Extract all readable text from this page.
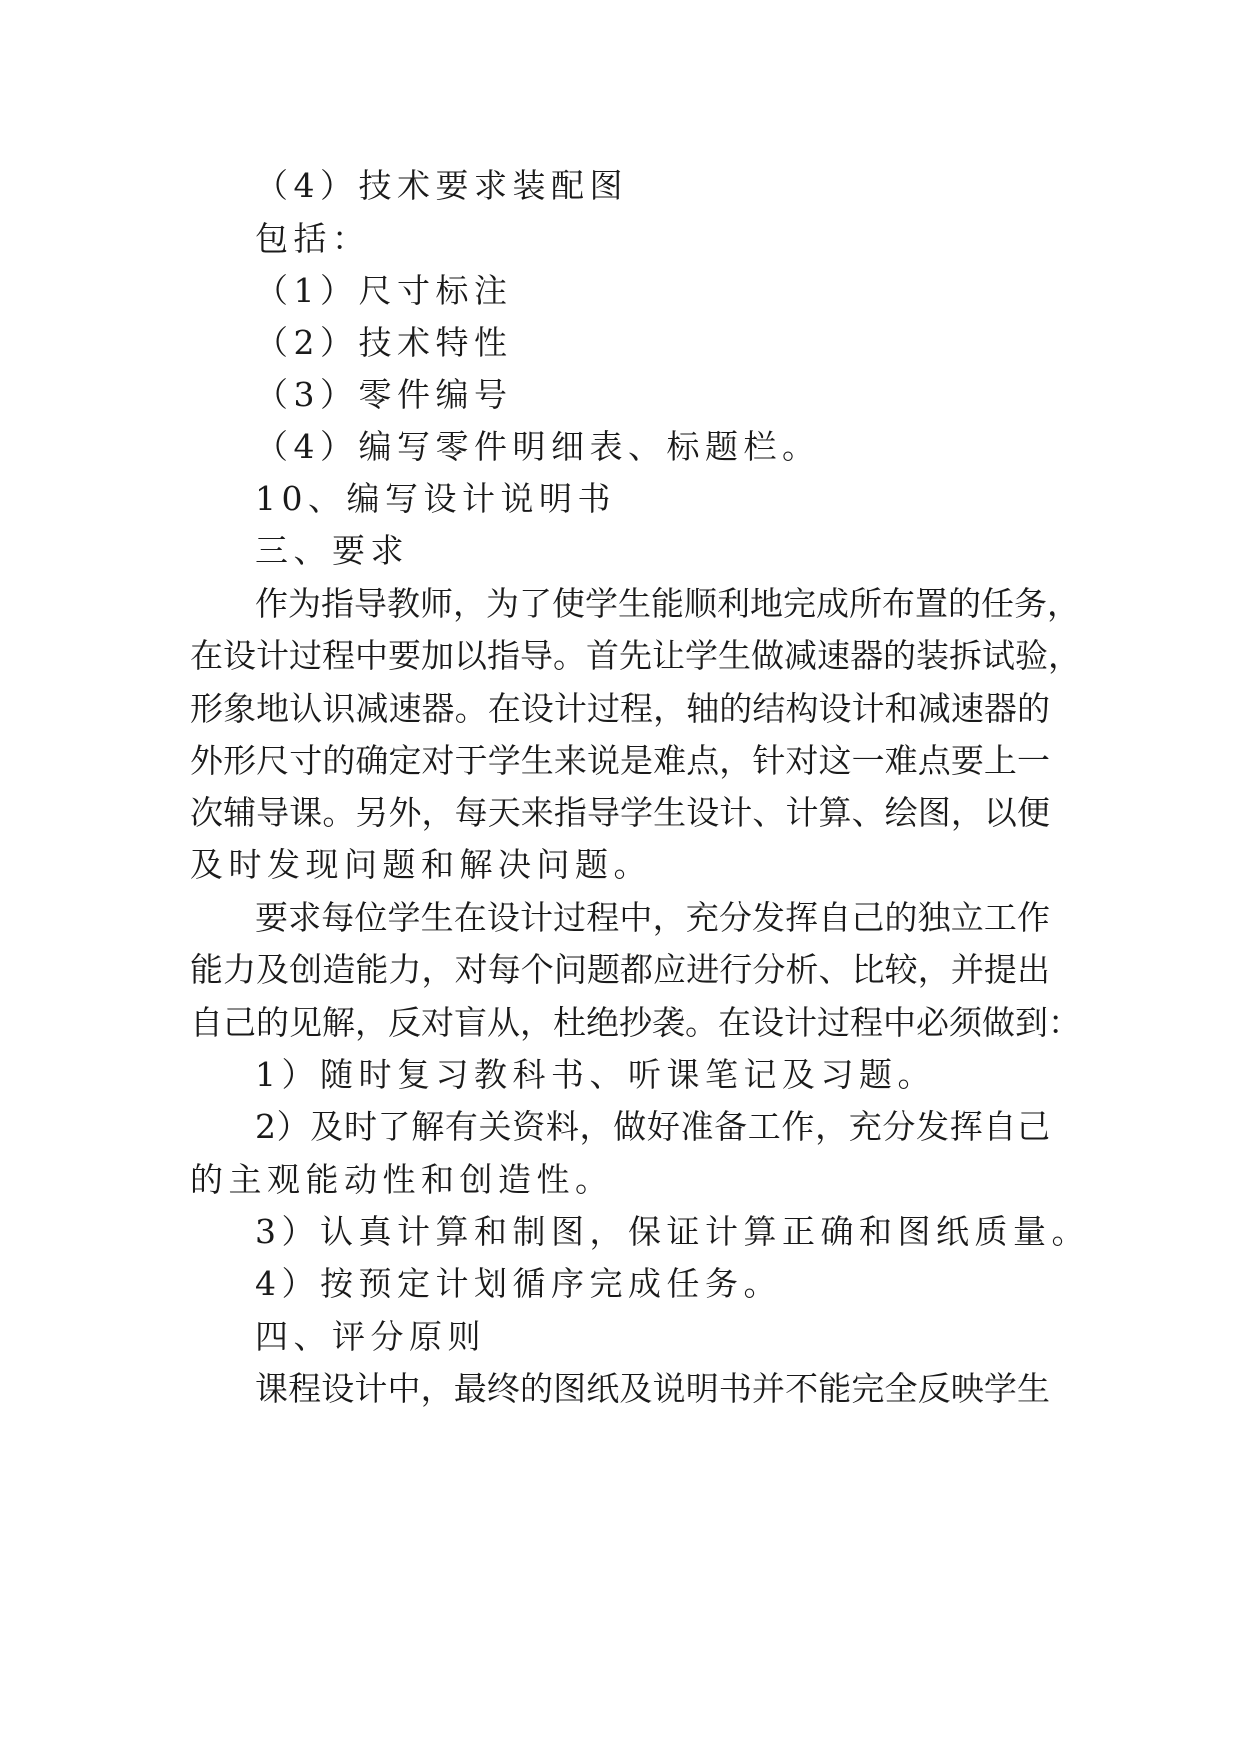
（4）技术要求装配图
包括：
（1）尺寸标注
（2）技术特性
（3）零件编号
（4）编写零件明细表、标题栏。
10、编写设计说明书
三、要求
作为指导教师，为了使学生能顺利地完成所布置的任务，
在设计过程中要加以指导。首先让学生做减速器的装拆试验，
形象地认识减速器。在设计过程，轴的结构设计和减速器的
外形尺寸的确定对于学生来说是难点，针对这一难点要上一
次辅导课。另外，每天来指导学生设计、计算、绘图，以便
及时发现问题和解决问题。
要求每位学生在设计过程中，充分发挥自己的独立工作
能力及创造能力，对每个问题都应进行分析、比较，并提出
自己的见解，反对盲从，杜绝抄袭。在设计过程中必须做到：
1）随时复习教科书、听课笔记及习题。
2）及时了解有关资料，做好准备工作，充分发挥自己
的主观能动性和创造性。
3）认真计算和制图，保证计算正确和图纸质量。
4）按预定计划循序完成任务。
四、评分原则
课程设计中，最终的图纸及说明书并不能完全反映学生
